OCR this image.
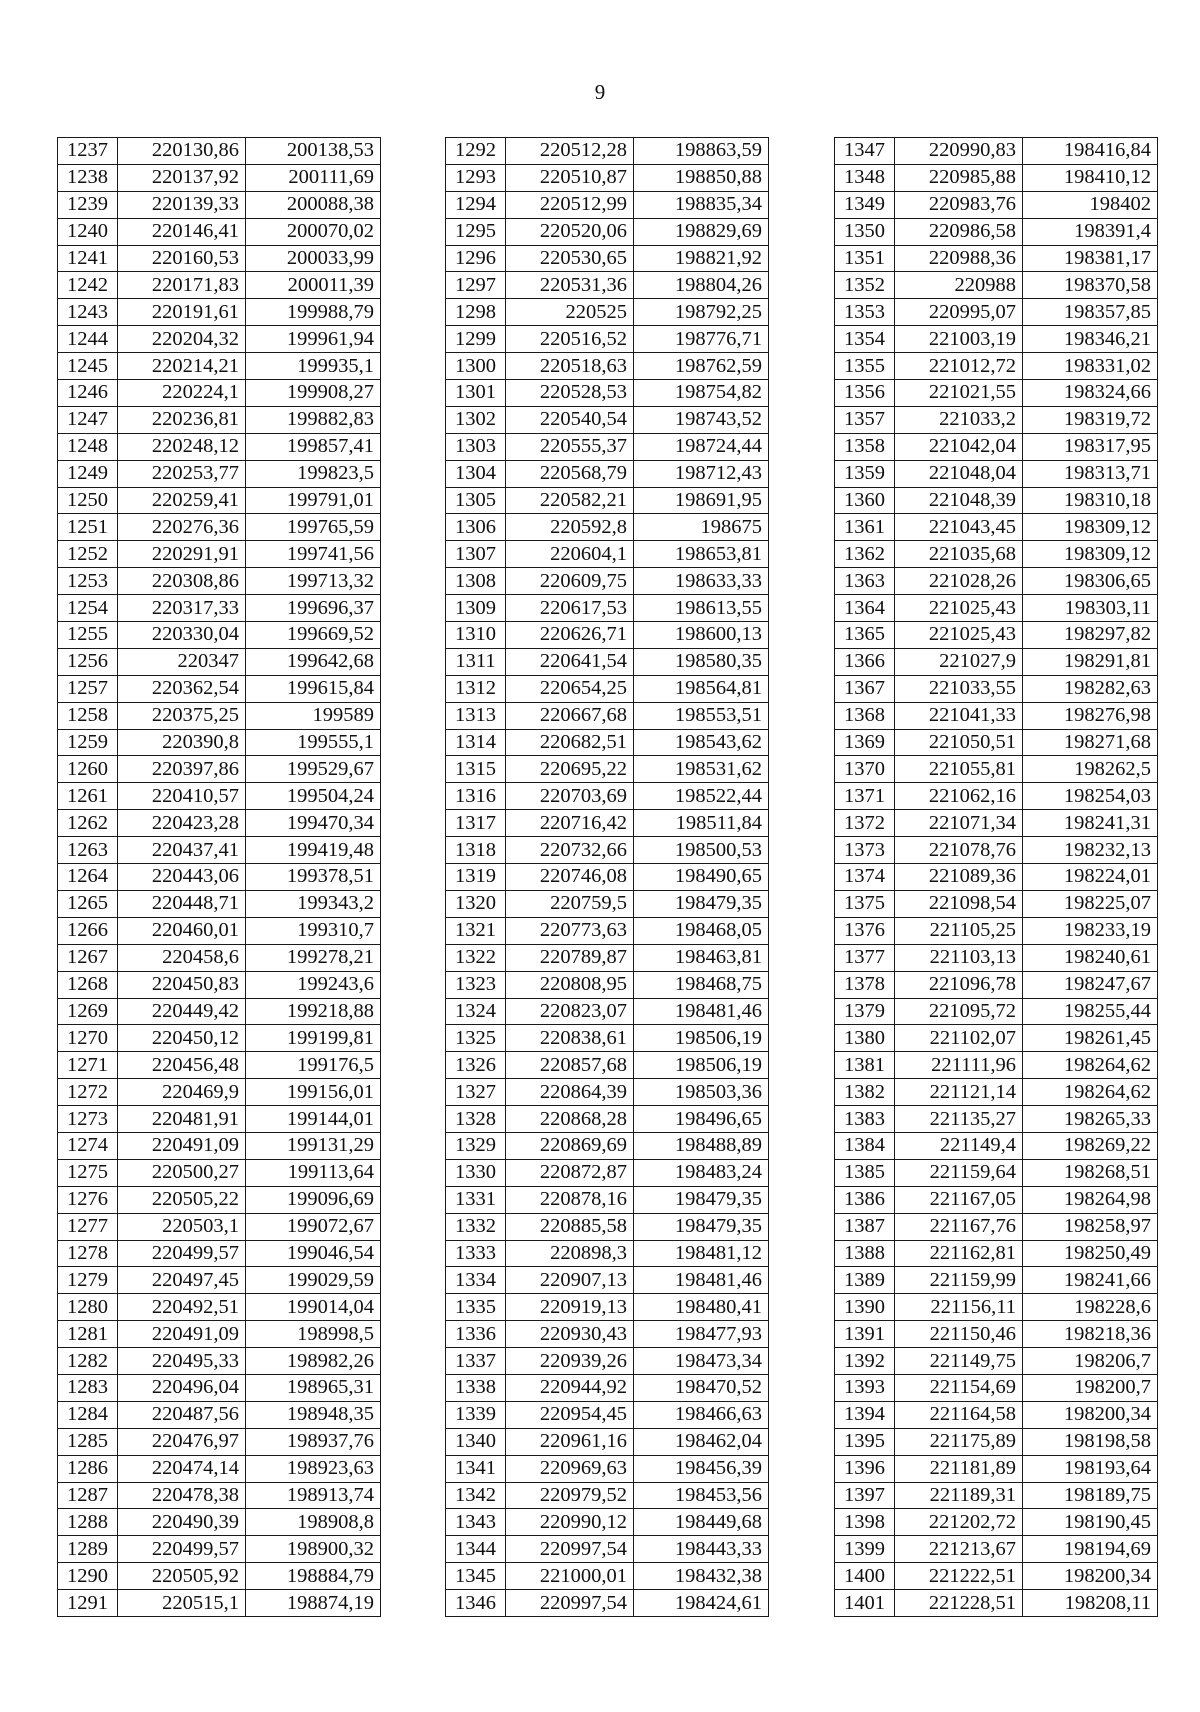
9
1237	220130,86	200138,53
1238	220137,92	200111,69
1239	220139,33	200088,38
1240	220146,41	200070,02
1241	220160,53	200033,99
1242	220171,83	200011,39
1243	220191,61	199988,79
1244	220204,32	199961,94
1245	220214,21	199935,1
1246	220224,1	199908,27
1247	220236,81	199882,83
1248	220248,12	199857,41
1249	220253,77	199823,5
1250	220259,41	199791,01
1251	220276,36	199765,59
1252	220291,91	199741,56
1253	220308,86	199713,32
1254	220317,33	199696,37
1255	220330,04	199669,52
1256	220347	199642,68
1257	220362,54	199615,84
1258	220375,25	199589
1259	220390,8	199555,1
1260	220397,86	199529,67
1261	220410,57	199504,24
1262	220423,28	199470,34
1263	220437,41	199419,48
1264	220443,06	199378,51
1265	220448,71	199343,2
1266	220460,01	199310,7
1267	220458,6	199278,21
1268	220450,83	199243,6
1269	220449,42	199218,88
1270	220450,12	199199,81
1271	220456,48	199176,5
1272	220469,9	199156,01
1273	220481,91	199144,01
1274	220491,09	199131,29
1275	220500,27	199113,64
1276	220505,22	199096,69
1277	220503,1	199072,67
1278	220499,57	199046,54
1279	220497,45	199029,59
1280	220492,51	199014,04
1281	220491,09	198998,5
1282	220495,33	198982,26
1283	220496,04	198965,31
1284	220487,56	198948,35
1285	220476,97	198937,76
1286	220474,14	198923,63
1287	220478,38	198913,74
1288	220490,39	198908,8
1289	220499,57	198900,32
1290	220505,92	198884,79
1291	220515,1	198874,19
1292	220512,28	198863,59
1293	220510,87	198850,88
1294	220512,99	198835,34
1295	220520,06	198829,69
1296	220530,65	198821,92
1297	220531,36	198804,26
1298	220525	198792,25
1299	220516,52	198776,71
1300	220518,63	198762,59
1301	220528,53	198754,82
1302	220540,54	198743,52
1303	220555,37	198724,44
1304	220568,79	198712,43
1305	220582,21	198691,95
1306	220592,8	198675
1307	220604,1	198653,81
1308	220609,75	198633,33
1309	220617,53	198613,55
1310	220626,71	198600,13
1311	220641,54	198580,35
1312	220654,25	198564,81
1313	220667,68	198553,51
1314	220682,51	198543,62
1315	220695,22	198531,62
1316	220703,69	198522,44
1317	220716,42	198511,84
1318	220732,66	198500,53
1319	220746,08	198490,65
1320	220759,5	198479,35
1321	220773,63	198468,05
1322	220789,87	198463,81
1323	220808,95	198468,75
1324	220823,07	198481,46
1325	220838,61	198506,19
1326	220857,68	198506,19
1327	220864,39	198503,36
1328	220868,28	198496,65
1329	220869,69	198488,89
1330	220872,87	198483,24
1331	220878,16	198479,35
1332	220885,58	198479,35
1333	220898,3	198481,12
1334	220907,13	198481,46
1335	220919,13	198480,41
1336	220930,43	198477,93
1337	220939,26	198473,34
1338	220944,92	198470,52
1339	220954,45	198466,63
1340	220961,16	198462,04
1341	220969,63	198456,39
1342	220979,52	198453,56
1343	220990,12	198449,68
1344	220997,54	198443,33
1345	221000,01	198432,38
1346	220997,54	198424,61
1347	220990,83	198416,84
1348	220985,88	198410,12
1349	220983,76	198402
1350	220986,58	198391,4
1351	220988,36	198381,17
1352	220988	198370,58
1353	220995,07	198357,85
1354	221003,19	198346,21
1355	221012,72	198331,02
1356	221021,55	198324,66
1357	221033,2	198319,72
1358	221042,04	198317,95
1359	221048,04	198313,71
1360	221048,39	198310,18
1361	221043,45	198309,12
1362	221035,68	198309,12
1363	221028,26	198306,65
1364	221025,43	198303,11
1365	221025,43	198297,82
1366	221027,9	198291,81
1367	221033,55	198282,63
1368	221041,33	198276,98
1369	221050,51	198271,68
1370	221055,81	198262,5
1371	221062,16	198254,03
1372	221071,34	198241,31
1373	221078,76	198232,13
1374	221089,36	198224,01
1375	221098,54	198225,07
1376	221105,25	198233,19
1377	221103,13	198240,61
1378	221096,78	198247,67
1379	221095,72	198255,44
1380	221102,07	198261,45
1381	221111,96	198264,62
1382	221121,14	198264,62
1383	221135,27	198265,33
1384	221149,4	198269,22
1385	221159,64	198268,51
1386	221167,05	198264,98
1387	221167,76	198258,97
1388	221162,81	198250,49
1389	221159,99	198241,66
1390	221156,11	198228,6
1391	221150,46	198218,36
1392	221149,75	198206,7
1393	221154,69	198200,7
1394	221164,58	198200,34
1395	221175,89	198198,58
1396	221181,89	198193,64
1397	221189,31	198189,75
1398	221202,72	198190,45
1399	221213,67	198194,69
1400	221222,51	198200,34
1401	221228,51	198208,11
